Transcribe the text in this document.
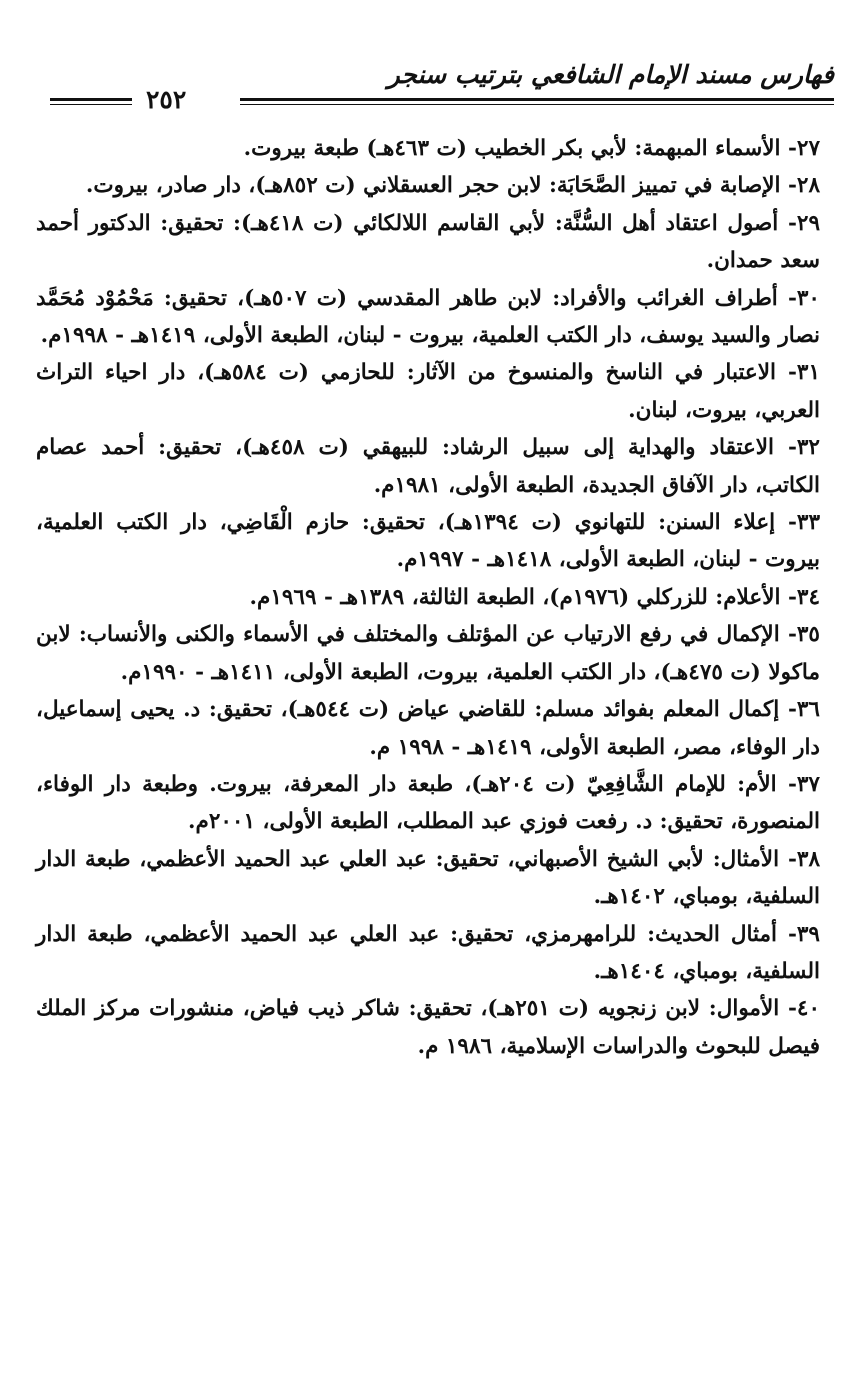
فهارس مسند الإمام الشافعي بترتيب سنجر
٢٥٢
٢٧- الأسماء المبهمة: لأبي بكر الخطيب (ت ٤٦٣هـ) طبعة بيروت.
٢٨- الإصابة في تمييز الصَّحَابَة: لابن حجر العسقلاني (ت ٨٥٢هـ)، دار صادر، بيروت.
٢٩- أصول اعتقاد أهل السُّنَّة: لأبي القاسم اللالكائي (ت ٤١٨هـ): تحقيق: الدكتور أحمد سعد حمدان.
٣٠- أطراف الغرائب والأفراد: لابن طاهر المقدسي (ت ٥٠٧هـ)، تحقيق: مَحْمُوْد مُحَمَّد نصار والسيد يوسف، دار الكتب العلمية، بيروت - لبنان، الطبعة الأولى، ١٤١٩هـ - ١٩٩٨م.
٣١- الاعتبار في الناسخ والمنسوخ من الآثار: للحازمي (ت ٥٨٤هـ)، دار احياء التراث العربي، بيروت، لبنان.
٣٢- الاعتقاد والهداية إلى سبيل الرشاد: للبيهقي (ت ٤٥٨هـ)، تحقيق: أحمد عصام الكاتب، دار الآفاق الجديدة، الطبعة الأولى، ١٩٨١م.
٣٣- إعلاء السنن: للتهانوي (ت ١٣٩٤هـ)، تحقيق: حازم الْقَاضِي، دار الكتب العلمية، بيروت - لبنان، الطبعة الأولى، ١٤١٨هـ - ١٩٩٧م.
٣٤- الأعلام: للزركلي (١٩٧٦م)، الطبعة الثالثة، ١٣٨٩هـ - ١٩٦٩م.
٣٥- الإكمال في رفع الارتياب عن المؤتلف والمختلف في الأسماء والكنى والأنساب: لابن ماكولا (ت ٤٧٥هـ)، دار الكتب العلمية، بيروت، الطبعة الأولى، ١٤١١هـ - ١٩٩٠م.
٣٦- إكمال المعلم بفوائد مسلم: للقاضي عياض (ت ٥٤٤هـ)، تحقيق: د. يحيى إسماعيل، دار الوفاء، مصر، الطبعة الأولى، ١٤١٩هـ - ١٩٩٨ م.
٣٧- الأم: للإمام الشَّافِعِيّ (ت ٢٠٤هـ)، طبعة دار المعرفة، بيروت. وطبعة دار الوفاء، المنصورة، تحقيق: د. رفعت فوزي عبد المطلب، الطبعة الأولى، ٢٠٠١م.
٣٨- الأمثال: لأبي الشيخ الأصبهاني، تحقيق: عبد العلي عبد الحميد الأعظمي، طبعة الدار السلفية، بومباي، ١٤٠٢هـ.
٣٩- أمثال الحديث: للرامهرمزي، تحقيق: عبد العلي عبد الحميد الأعظمي، طبعة الدار السلفية، بومباي، ١٤٠٤هـ.
٤٠- الأموال: لابن زنجويه (ت ٢٥١هـ)، تحقيق: شاكر ذيب فياض، منشورات مركز الملك فيصل للبحوث والدراسات الإسلامية، ١٩٨٦ م.
